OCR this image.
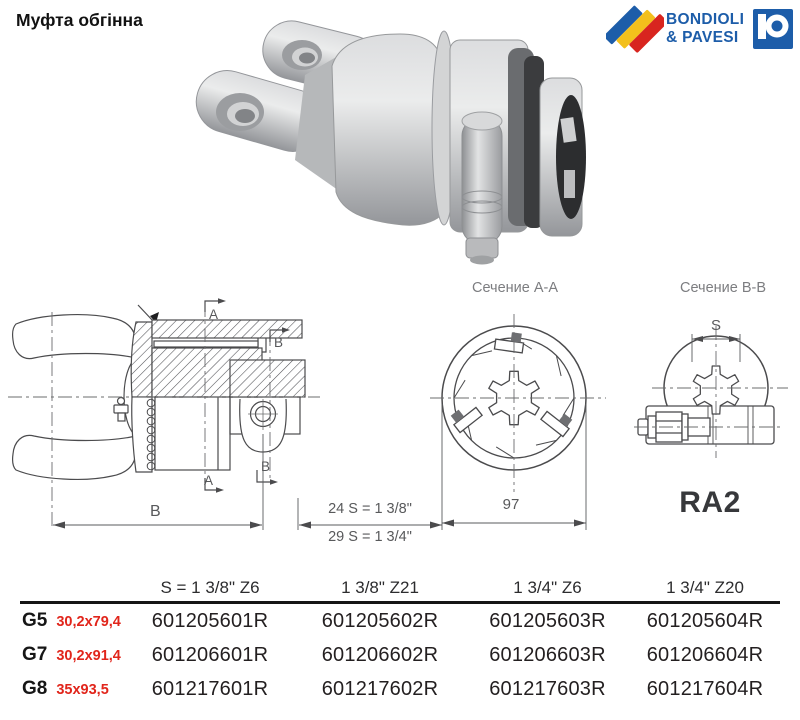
Муфта обгінна	BONDIOLI
& PAVESI
Сечение A-A	Сечение B-B
A
A
B
B
B	24 S = 1 3/8"
29 S = 1 3/4"
97
S
RA2
S = 1 3/8" Z6	1 3/8" Z21	1 3/4" Z6	1 3/4" Z20
G5 30,2x79,4	601205601R	601205602R	601205603R	601205604R
G7 30,2x91,4	601206601R	601206602R	601206603R	601206604R
G8 35x93,5	601217601R	601217602R	601217603R	601217604R
